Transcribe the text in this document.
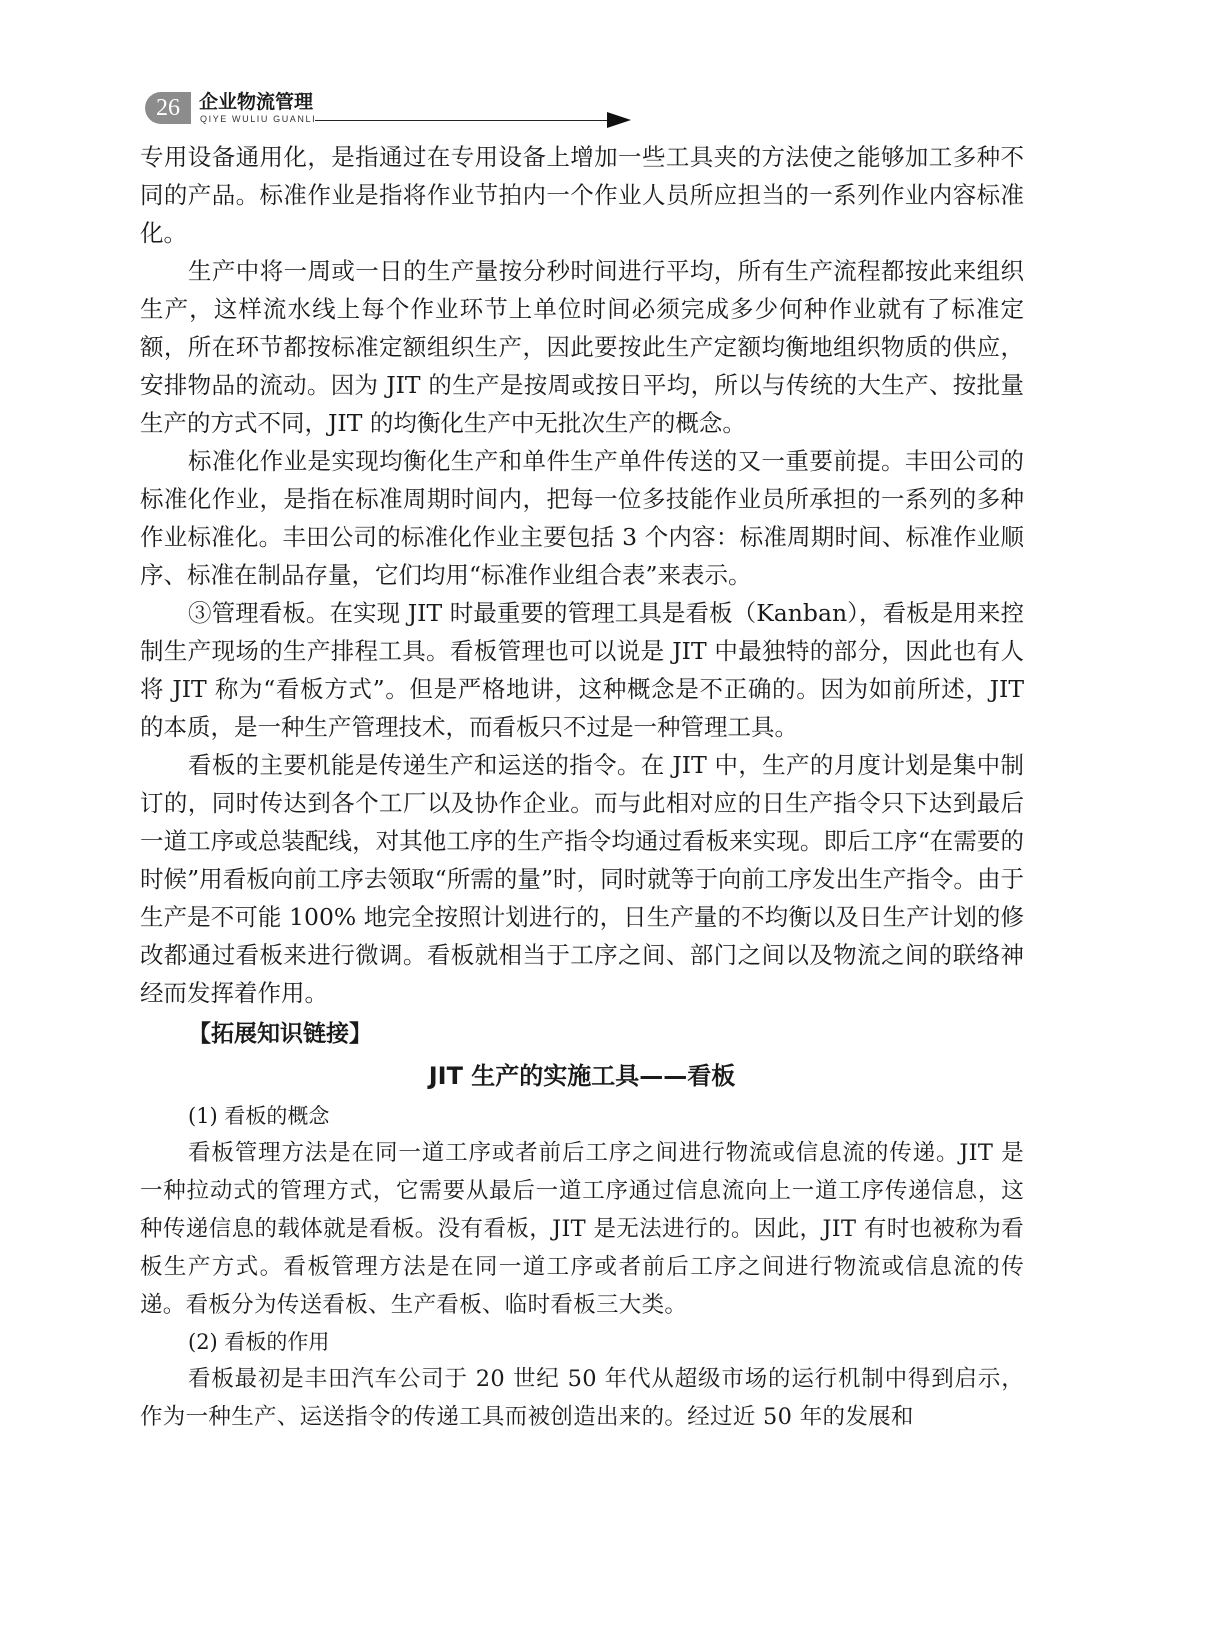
26	企业物流管理
QIYE WULIU GUANLI

专用设备通用化，是指通过在专用设备上增加一些工具夹的方法使之能够加工多种不同的产品。标准作业是指将作业节拍内一个作业人员所应担当的一系列作业内容标准化。

生产中将一周或一日的生产量按分秒时间进行平均，所有生产流程都按此来组织生产，这样流水线上每个作业环节上单位时间必须完成多少何种作业就有了标准定额，所在环节都按标准定额组织生产，因此要按此生产定额均衡地组织物质的供应，安排物品的流动。因为 JIT 的生产是按周或按日平均，所以与传统的大生产、按批量生产的方式不同，JIT 的均衡化生产中无批次生产的概念。

标准化作业是实现均衡化生产和单件生产单件传送的又一重要前提。丰田公司的标准化作业，是指在标准周期时间内，把每一位多技能作业员所承担的一系列的多种作业标准化。丰田公司的标准化作业主要包括 3 个内容：标准周期时间、标准作业顺序、标准在制品存量，它们均用“标准作业组合表”来表示。

③管理看板。在实现 JIT 时最重要的管理工具是看板（Kanban），看板是用来控制生产现场的生产排程工具。看板管理也可以说是 JIT 中最独特的部分，因此也有人将 JIT 称为“看板方式”。但是严格地讲，这种概念是不正确的。因为如前所述，JIT 的本质，是一种生产管理技术，而看板只不过是一种管理工具。

看板的主要机能是传递生产和运送的指令。在 JIT 中，生产的月度计划是集中制订的，同时传达到各个工厂以及协作企业。而与此相对应的日生产指令只下达到最后一道工序或总装配线，对其他工序的生产指令均通过看板来实现。即后工序“在需要的时候”用看板向前工序去领取“所需的量”时，同时就等于向前工序发出生产指令。由于生产是不可能 100% 地完全按照计划进行的，日生产量的不均衡以及日生产计划的修改都通过看板来进行微调。看板就相当于工序之间、部门之间以及物流之间的联络神经而发挥着作用。

【拓展知识链接】
JIT 生产的实施工具——看板
(1) 看板的概念

看板管理方法是在同一道工序或者前后工序之间进行物流或信息流的传递。JIT 是一种拉动式的管理方式，它需要从最后一道工序通过信息流向上一道工序传递信息，这种传递信息的载体就是看板。没有看板，JIT 是无法进行的。因此，JIT 有时也被称为看板生产方式。看板管理方法是在同一道工序或者前后工序之间进行物流或信息流的传递。看板分为传送看板、生产看板、临时看板三大类。

(2) 看板的作用

看板最初是丰田汽车公司于 20 世纪 50 年代从超级市场的运行机制中得到启示，作为一种生产、运送指令的传递工具而被创造出来的。经过近 50 年的发展和
